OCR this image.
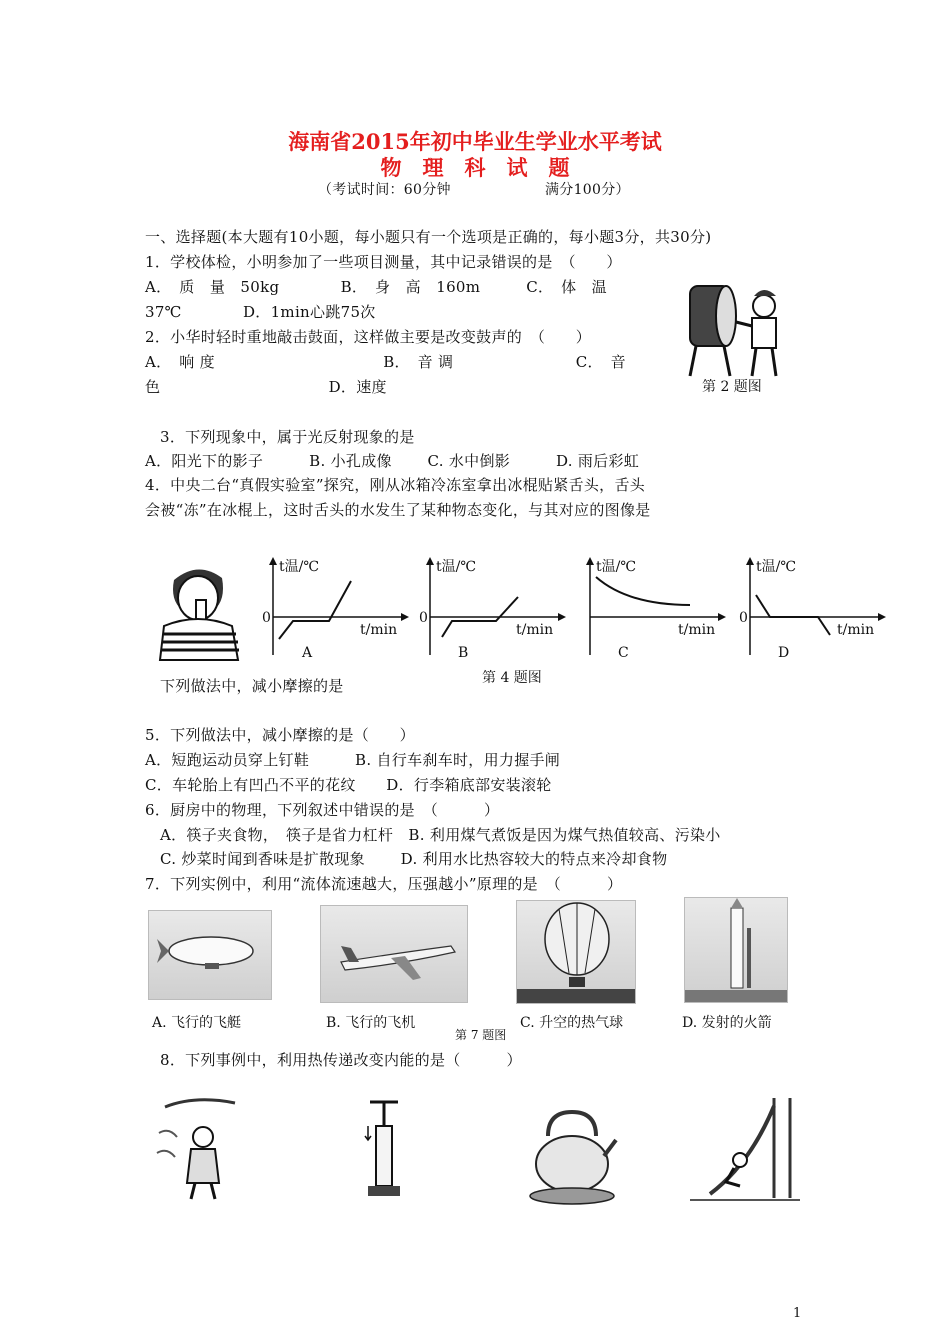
海南省2015年初中毕业生学业水平考试
物　理　科　试　题
（考试时间：60分钟	满分100分）
一、选择题(本大题有10小题，每小题只有一个选项是正确的，每小题3分，共30分)
1．学校体检，小明参加了一些项目测量，其中记录错误的是　（　　）
A．　质　量　50kg　　　　B．　身　高　160m　　　C．　体　温
37℃　　　　D．1min心跳75次
2．小华时轻时重地敲击鼓面，这样做主要是改变鼓声的　（　　）
A．　响 度　　　　　　　　　　　B．　音 调　　　　　　　　C．　音
色　　　　　　　　　　　D．速度	第 2 题图
3．下列现象中，属于光反射现象的是
A．阳光下的影子　　　B. 小孔成像　　 C. 水中倒影　　　D. 雨后彩虹
4．中央二台“真假实验室”探究，刚从冰箱冷冻室拿出冰棍贴紧舌头，舌头
会被“冻”在冰棍上，这时舌头的水发生了某种物态变化，与其对应的图像是
t温/℃
t/min
0
A
t温/℃
t/min
0
B
t温/℃
t/min
C
t温/℃
t/min
0
D
第 4 题图
下列做法中，减小摩擦的是
5．下列做法中，减小摩擦的是（　　）
A．短跑运动员穿上钉鞋　　　B. 自行车刹车时，用力握手闸
C．车轮胎上有凹凸不平的花纹　　D．行李箱底部安装滚轮
6．厨房中的物理，下列叙述中错误的是　（　　　）
A．筷子夹食物，　筷子是省力杠杆　B. 利用煤气煮饭是因为煤气热值较高、污染小
C. 炒菜时闻到香味是扩散现象　　 D. 利用水比热容较大的特点来冷却食物
7．下列实例中，利用“流体流速越大，压强越小”原理的是　（　　　）
A. 飞行的飞艇	B. 飞行的飞机	C. 升空的热气球	D. 发射的火箭
第 7 题图
8．下列事例中，利用热传递改变内能的是（　　　）
1
